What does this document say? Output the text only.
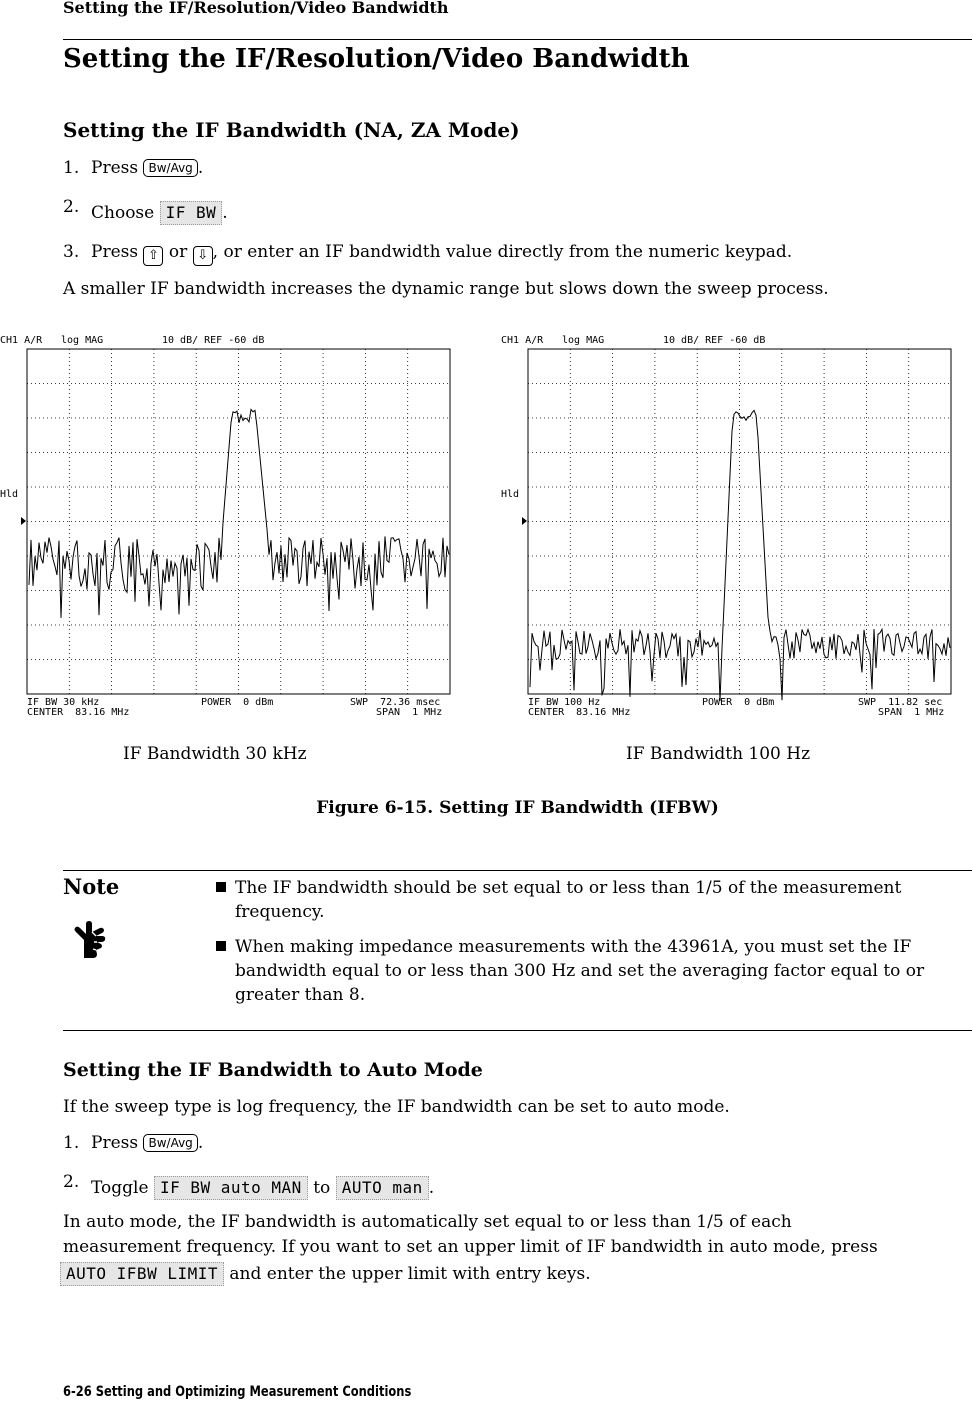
Setting the IF/Resolution/Video Bandwidth
Setting the IF/Resolution/Video Bandwidth
Setting the IF Bandwidth (NA, ZA Mode)
1. Press Bw/Avg .
2. Choose IF BW .
3. Press ⇧ or ⇩ , or enter an IF bandwidth value directly from the numeric keypad.
A smaller IF bandwidth increases the dynamic range but slows down the sweep process.
CH1 A/R log MAG	10 dB/ REF -60 dB
Hld
IF BW 30 kHz	POWER  0 dBm	SWP  72.36 msec
CENTER  83.16 MHz	SPAN  1 MHz
CH1 A/R log MAG	10 dB/ REF -60 dB
Hld
IF BW 100 Hz	POWER  0 dBm	SWP  11.82 sec
CENTER  83.16 MHz	SPAN  1 MHz
IF Bandwidth 30 kHz	IF Bandwidth 100 Hz
Figure 6-15. Setting IF Bandwidth (IFBW)
Note	The IF bandwidth should be set equal to or less than 1/5 of the measurement frequency.
When making impedance measurements with the 43961A, you must set the IF bandwidth equal to or less than 300 Hz and set the averaging factor equal to or greater than 8.
Setting the IF Bandwidth to Auto Mode
If the sweep type is log frequency, the IF bandwidth can be set to auto mode.
1. Press Bw/Avg .
2. Toggle IF BW auto MAN to AUTO man .
In auto mode, the IF bandwidth is automatically set equal to or less than 1/5 of each
measurement frequency. If you want to set an upper limit of IF bandwidth in auto mode, press
AUTO IFBW LIMIT and enter the upper limit with entry keys.
6-26 Setting and Optimizing Measurement Conditions
